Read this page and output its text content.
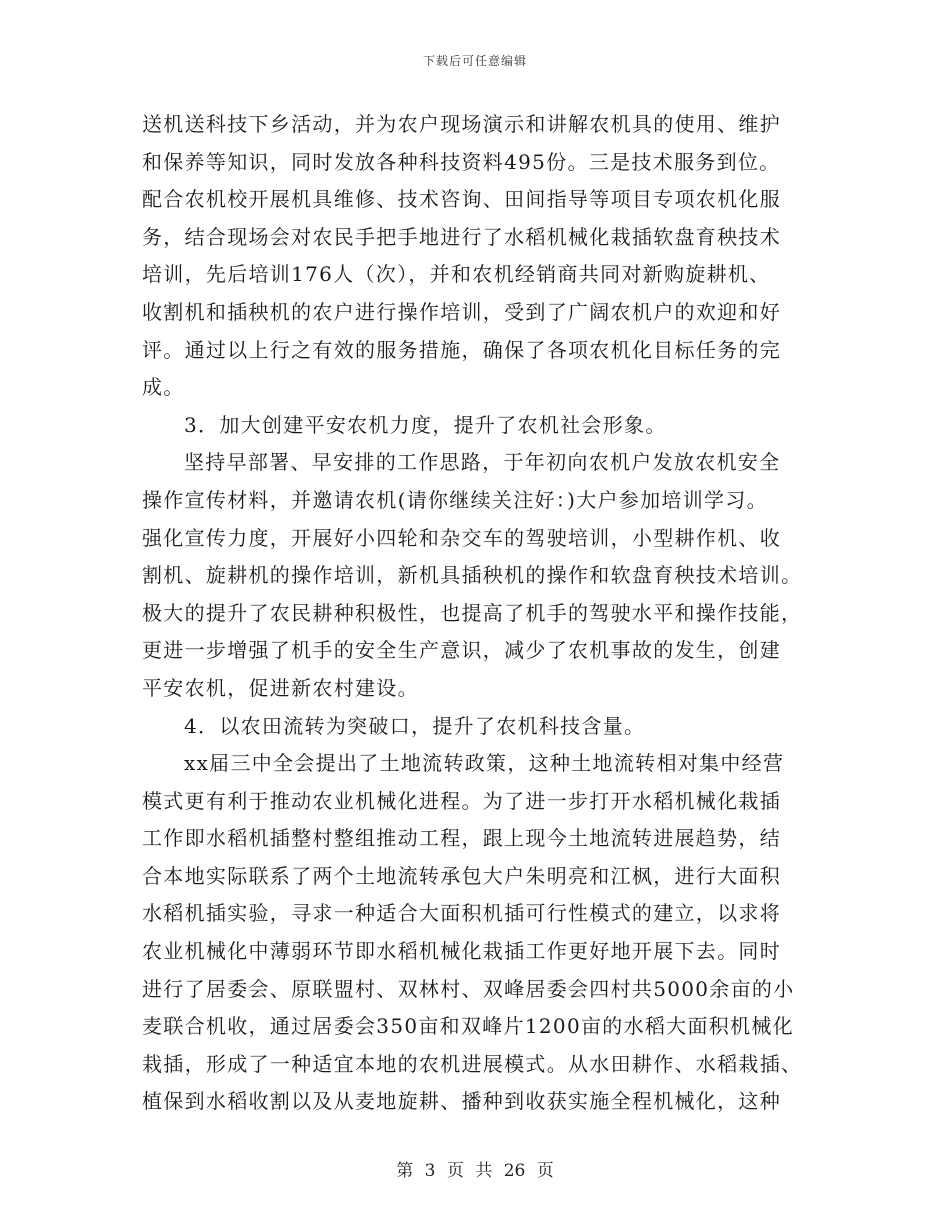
下载后可任意编辑
送机送科技下乡活动，并为农户现场演示和讲解农机具的使用、维护
和保养等知识，同时发放各种科技资料495份。三是技术服务到位。
配合农机校开展机具维修、技术咨询、田间指导等项目专项农机化服
务，结合现场会对农民手把手地进行了水稻机械化栽插软盘育秧技术
培训，先后培训176人（次），并和农机经销商共同对新购旋耕机、
收割机和插秧机的农户进行操作培训，受到了广阔农机户的欢迎和好
评。通过以上行之有效的服务措施，确保了各项农机化目标任务的完
成。
3．加大创建平安农机力度，提升了农机社会形象。
坚持早部署、早安排的工作思路，于年初向农机户发放农机安全
操作宣传材料，并邀请农机(请你继续关注好：)大户参加培训学习。
强化宣传力度，开展好小四轮和杂交车的驾驶培训，小型耕作机、收
割机、旋耕机的操作培训，新机具插秧机的操作和软盘育秧技术培训。
极大的提升了农民耕种积极性，也提高了机手的驾驶水平和操作技能，
更进一步增强了机手的安全生产意识，减少了农机事故的发生，创建
平安农机，促进新农村建设。
4．以农田流转为突破口，提升了农机科技含量。
xx届三中全会提出了土地流转政策，这种土地流转相对集中经营
模式更有利于推动农业机械化进程。为了进一步打开水稻机械化栽插
工作即水稻机插整村整组推动工程，跟上现今土地流转进展趋势，结
合本地实际联系了两个土地流转承包大户朱明亮和江枫，进行大面积
水稻机插实验，寻求一种适合大面积机插可行性模式的建立，以求将
农业机械化中薄弱环节即水稻机械化栽插工作更好地开展下去。同时
进行了居委会、原联盟村、双林村、双峰居委会四村共5000余亩的小
麦联合机收，通过居委会350亩和双峰片1200亩的水稻大面积机械化
栽插，形成了一种适宜本地的农机进展模式。从水田耕作、水稻栽插、
植保到水稻收割以及从麦地旋耕、播种到收获实施全程机械化，这种
第 3 页 共 26 页
